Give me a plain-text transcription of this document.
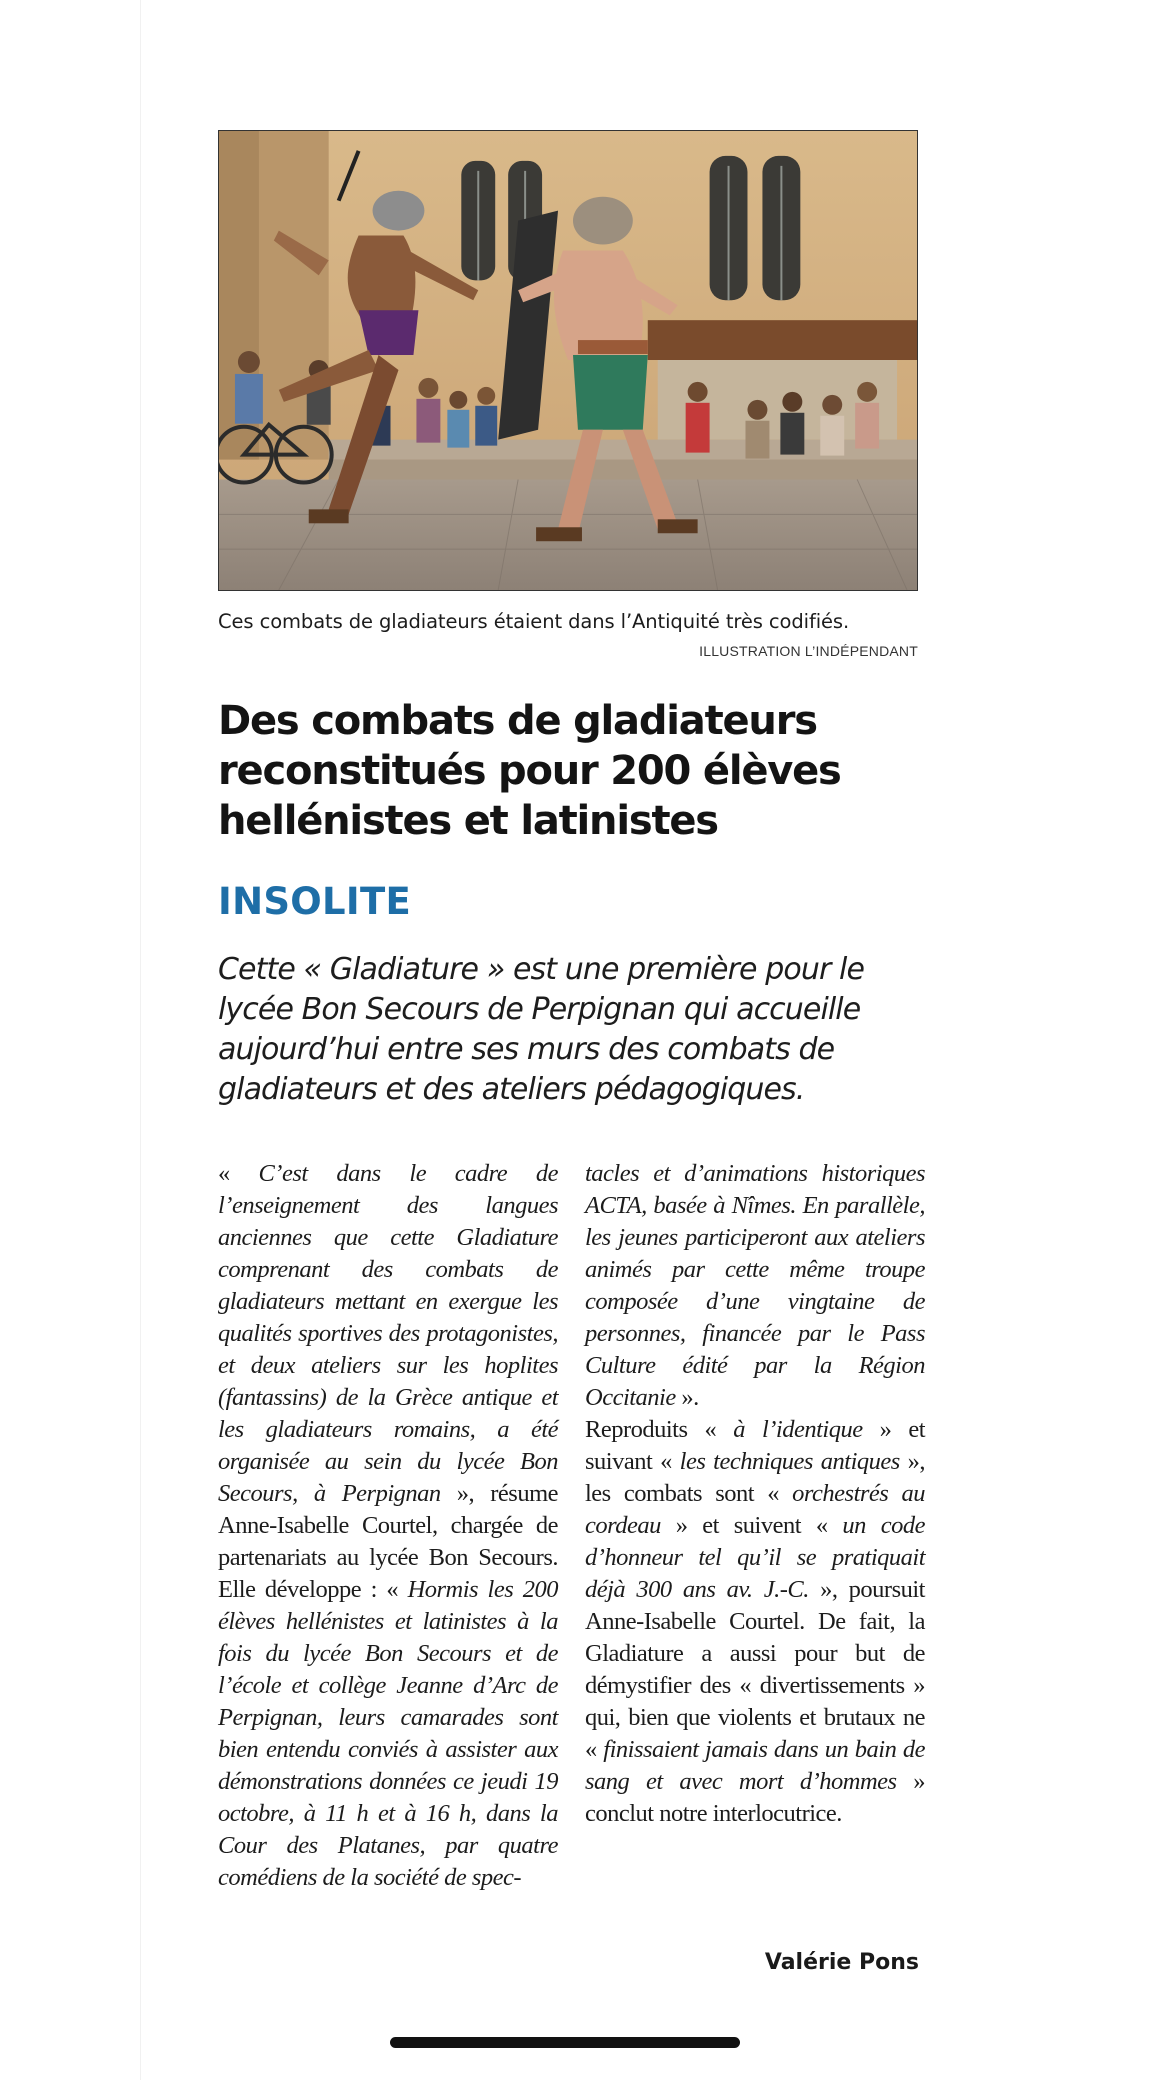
Ces combats de gladiateurs étaient dans l’Antiquité très codifiés.
ILLUSTRATION L’INDÉPENDANT
Des combats de gladiateurs reconstitués pour 200 élèves hellénistes et latinistes
INSOLITE

Cette « Gladiature » est une première pour le lycée Bon Secours de Perpignan qui accueille aujourd’hui entre ses murs des combats de gladiateurs et des ateliers pédagogiques.

« C’est dans le cadre de l’enseignement des langues anciennes que cette Gladiature comprenant des combats de gladiateurs mettant en exergue les qualités sportives des protagonistes, et deux ateliers sur les hoplites (fantassins) de la Grèce antique et les gladiateurs romains, a été organisée au sein du lycée Bon Secours, à Perpignan », résume Anne-Isabelle Courtel, chargée de partenariats au lycée Bon Secours. Elle développe : « Hormis les 200 élèves hellénistes et latinistes à la fois du lycée Bon Secours et de l’école et collège Jeanne d’Arc de Perpignan, leurs camarades sont bien entendu conviés à assister aux démonstrations données ce jeudi 19 octobre, à 11 h et à 16 h, dans la Cour des Platanes, par quatre comédiens de la société de spec-

tacles et d’animations historiques ACTA, basée à Nîmes. En parallèle, les jeunes participeront aux ateliers animés par cette même troupe composée d’une vingtaine de personnes, financée par le Pass Culture édité par la Région Occitanie ».

Reproduits « à l’identique » et suivant « les techniques antiques », les combats sont « orchestrés au cordeau » et suivent « un code d’honneur tel qu’il se pratiquait déjà 300 ans av. J.-C. », poursuit Anne-Isabelle Courtel. De fait, la Gladiature a aussi pour but de démystifier des « divertissements » qui, bien que violents et brutaux ne « finissaient jamais dans un bain de sang et avec mort d’hommes » conclut notre interlocutrice.

Valérie Pons
